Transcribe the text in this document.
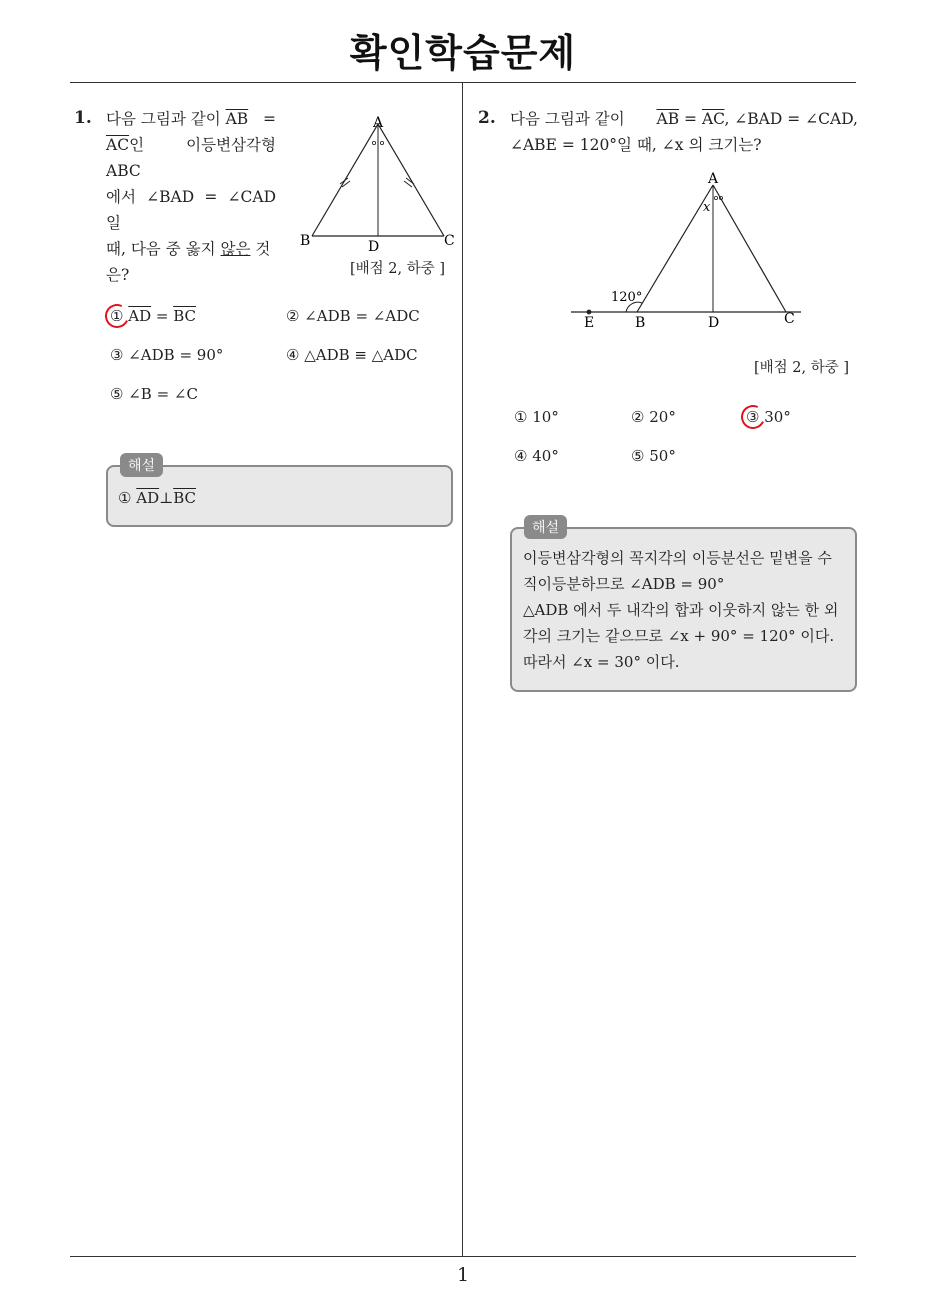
확인학습문제
1
1. 다음 그림과 같이 $\overline{AB}$ =
$\overline{AC}$인 이등변삼각형 ABC
에서 ∠BAD = ∠CAD 일
때, 다음 중 옳지 않은 것
은?
A
B	C
D
[배점 2, 하중 ]
① $\overline{AD} = \overline{BC}$	② ∠ADB = ∠ADC
③ ∠ADB = 90°	④ △ADB ≡ △ADC
⑤ ∠B = ∠C
해설
① $\overline{AD}\perp\overline{BC}$
2. 다음 그림과 같이 $\overline{AB} = \overline{AC}$, ∠BAD = ∠CAD,
∠ABE = 120°일 때, ∠x 의 크기는?
A
x
120°
E	B	D	C
[배점 2, 하중 ]
① 10°	② 20°	③ 30°
④ 40°	⑤ 50°
해설
이등변삼각형의 꼭지각의 이등분선은 밑변을 수
직이등분하므로 ∠ADB = 90°
△ADB 에서 두 내각의 합과 이웃하지 않는 한 외
각의 크기는 같으므로 ∠x + 90° = 120° 이다.
따라서 ∠x = 30° 이다.
